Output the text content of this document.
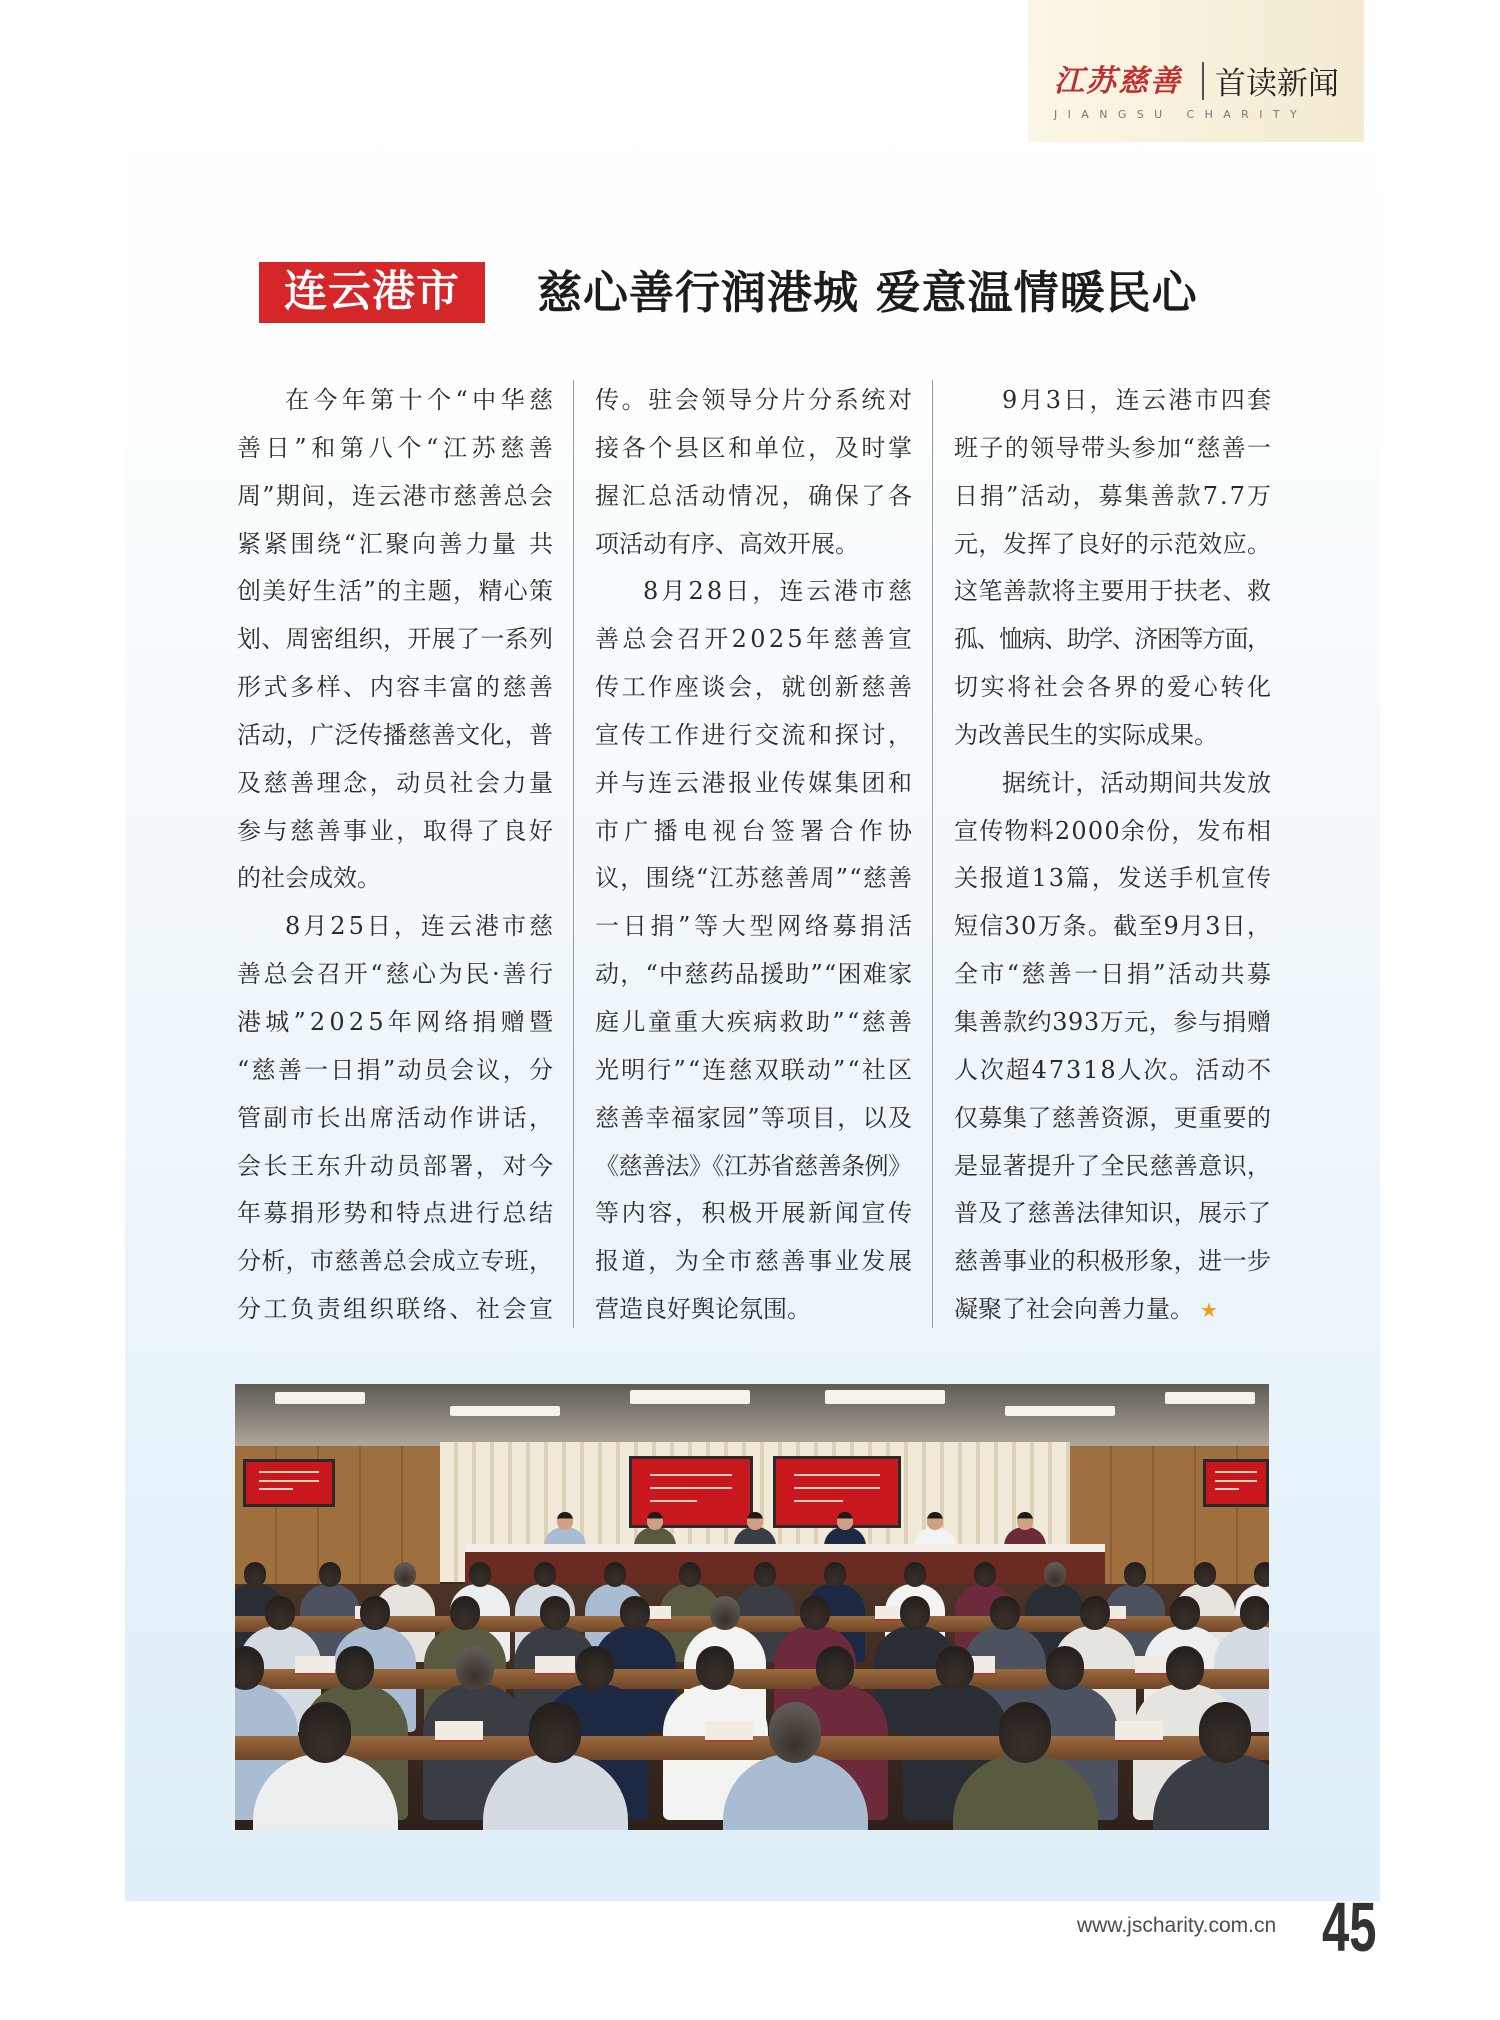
江苏慈善 首读新闻
JIANGSU CHARITY
连云港市	慈心善行润港城 爱意温情暖民心
在今年第十个“中华慈
善日”和第八个“江苏慈善
周”期间，连云港市慈善总会
紧紧围绕“汇聚向善力量 共
创美好生活”的主题，精心策
划、周密组织，开展了一系列
形式多样、内容丰富的慈善
活动，广泛传播慈善文化，普
及慈善理念，动员社会力量
参与慈善事业，取得了良好
的社会成效。
8月25日，连云港市慈
善总会召开“慈心为民·善行
港城”2025年网络捐赠暨
“慈善一日捐”动员会议，分
管副市长出席活动作讲话，
会长王东升动员部署，对今
年募捐形势和特点进行总结
分析，市慈善总会成立专班，
分工负责组织联络、社会宣
传。驻会领导分片分系统对
接各个县区和单位，及时掌
握汇总活动情况，确保了各
项活动有序、高效开展。
8月28日，连云港市慈
善总会召开2025年慈善宣
传工作座谈会，就创新慈善
宣传工作进行交流和探讨，
并与连云港报业传媒集团和
市广播电视台签署合作协
议，围绕“江苏慈善周”“慈善
一日捐”等大型网络募捐活
动，“中慈药品援助”“困难家
庭儿童重大疾病救助”“慈善
光明行”“连慈双联动”“社区
慈善幸福家园”等项目，以及
《慈善法》《江苏省慈善条例》
等内容，积极开展新闻宣传
报道，为全市慈善事业发展
营造良好舆论氛围。
9月3日，连云港市四套
班子的领导带头参加“慈善一
日捐”活动，募集善款7.7万
元，发挥了良好的示范效应。
这笔善款将主要用于扶老、救
孤、恤病、助学、济困等方面，
切实将社会各界的爱心转化
为改善民生的实际成果。
据统计，活动期间共发放
宣传物料2000余份，发布相
关报道13篇，发送手机宣传
短信30万条。截至9月3日，
全市“慈善一日捐”活动共募
集善款约393万元，参与捐赠
人次超47318人次。活动不
仅募集了慈善资源，更重要的
是显著提升了全民慈善意识，
普及了慈善法律知识，展示了
慈善事业的积极形象，进一步
凝聚了社会向善力量。 ★
www.jscharity.com.cn 45
